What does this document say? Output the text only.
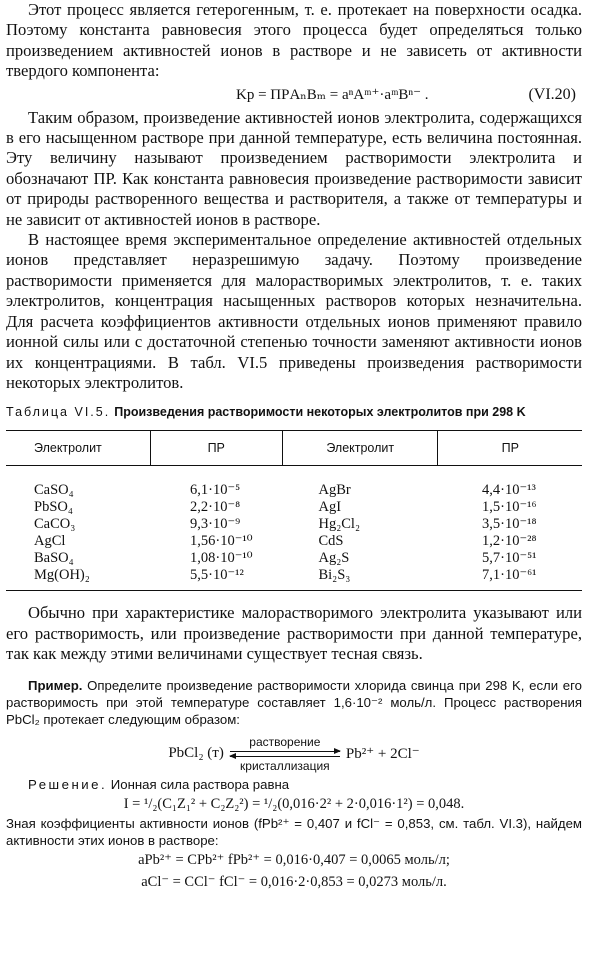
Этот процесс является гетерогенным, т. е. протекает на поверхности осадка. Поэтому константа равновесия этого процесса будет определяться только произведением активностей ионов в растворе и не зависеть от активности твердого компонента:

Kр = ПРAₙBₘ = aⁿAᵐ⁺·aᵐBⁿ⁻ .	(VI.20)

Таким образом, произведение активностей ионов электролита, содержащихся в его насыщенном растворе при данной температуре, есть величина постоянная. Эту величину называют произведением растворимости электролита и обозначают ПР. Как константа равновесия произведение растворимости зависит от природы растворенного вещества и растворителя, а также от температуры и не зависит от активностей ионов в растворе.

В настоящее время экспериментальное определение активностей отдельных ионов представляет неразрешимую задачу. Поэтому произведение растворимости применяется для малорастворимых электролитов, т. е. таких электролитов, концентрация насыщенных растворов которых незначительна. Для расчета коэффициентов активности отдельных ионов применяют правило ионной силы или с достаточной степенью точности заменяют активности ионов их концентрациями. В табл. VI.5 приведены произведения растворимости некоторых электролитов.

Таблица VI.5. Произведения растворимости некоторых электролитов при 298 K
Электролит	ПР	Электролит	ПР
CaSO₄	6,1·10⁻⁵	AgBr	4,4·10⁻¹³
PbSO₄	2,2·10⁻⁸	AgI	1,5·10⁻¹⁶
CaCO₃	9,3·10⁻⁹	Hg₂Cl₂	3,5·10⁻¹⁸
AgCl	1,56·10⁻¹⁰	CdS	1,2·10⁻²⁸
BaSO₄	1,08·10⁻¹⁰	Ag₂S	5,7·10⁻⁵¹
Mg(OH)₂	5,5·10⁻¹²	Bi₂S₃	7,1·10⁻⁶¹

Обычно при характеристике малорастворимого электролита указывают или его растворимость, или произведение растворимости при данной температуре, так как между этими величинами существует тесная связь.

Пример. Определите произведение растворимости хлорида свинца при 298 K, если его растворимость при этой температуре составляет 1,6·10⁻² моль/л. Процесс растворения PbCl₂ протекает следующим образом:
PbCl₂ (т)
растворение
кристаллизация
Pb²⁺ + 2Cl⁻
Решение. Ионная сила раствора равна
I = ¹/₂(C₁Z₁² + C₂Z₂²) = ¹/₂(0,016·2² + 2·0,016·1²) = 0,048.
Зная коэффициенты активности ионов (fPb²⁺ = 0,407 и fCl⁻ = 0,853, см. табл. VI.3), найдем активности этих ионов в растворе:
aPb²⁺ = CPb²⁺ fPb²⁺ = 0,016·0,407 = 0,0065 моль/л;
aCl⁻ = CCl⁻ fCl⁻ = 0,016·2·0,853 = 0,0273 моль/л.
